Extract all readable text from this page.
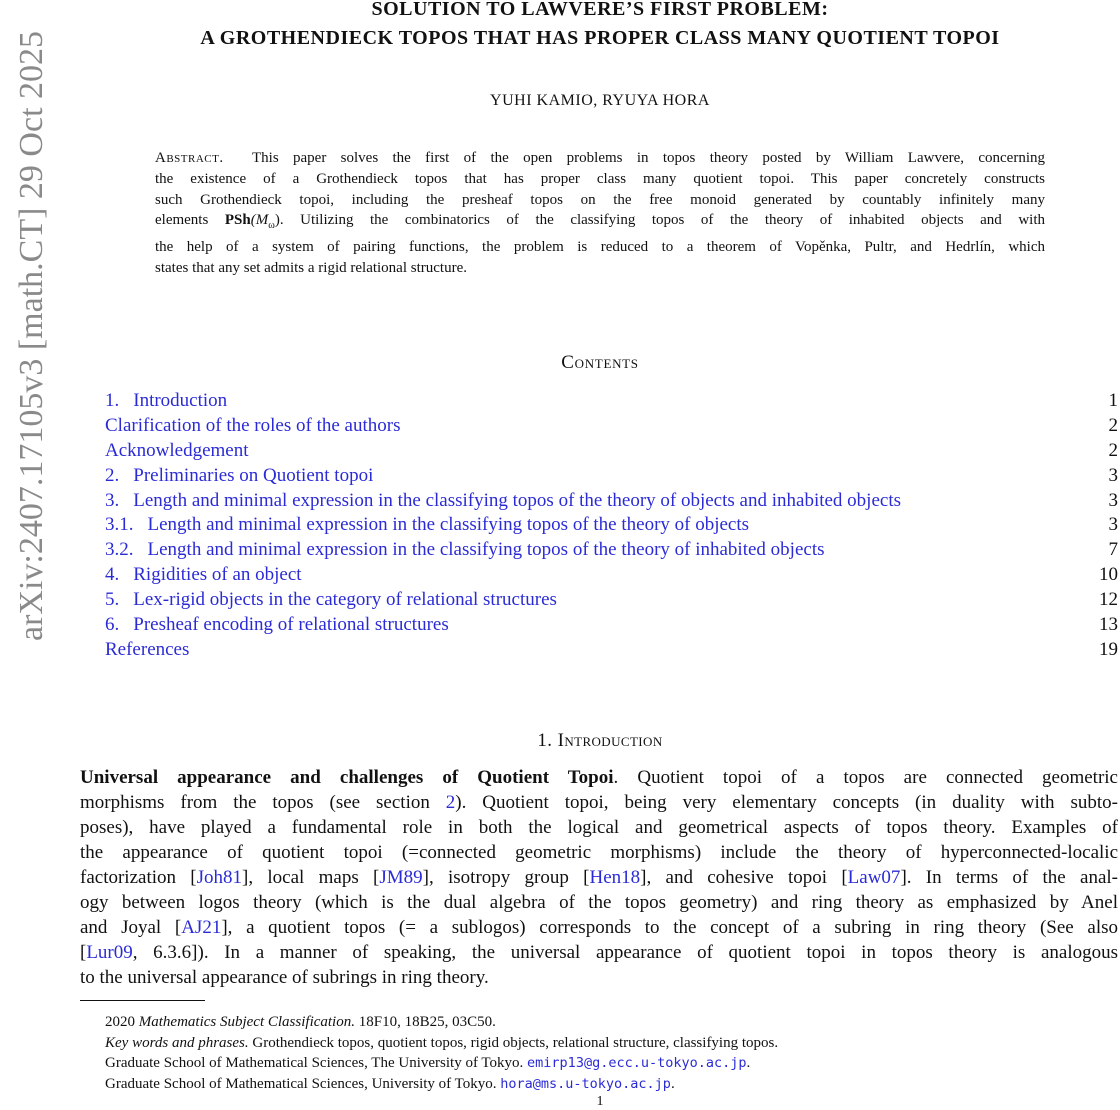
arXiv:2407.17105v3 [math.CT] 29 Oct 2025
SOLUTION TO LAWVERE’S FIRST PROBLEM:
A GROTHENDIECK TOPOS THAT HAS PROPER CLASS MANY QUOTIENT TOPOI
YUHI KAMIO, RYUYA HORA
Abstract. This paper solves the first of the open problems in topos theory posted by William Lawvere, concerning
the existence of a Grothendieck topos that has proper class many quotient topoi. This paper concretely constructs
such Grothendieck topoi, including the presheaf topos on the free monoid generated by countably infinitely many
elements $PSh(M_\omega)$. Utilizing the combinatorics of the classifying topos of the theory of inhabited objects and with
the help of a system of pairing functions, the problem is reduced to a theorem of Vopěnka, Pultr, and Hedrlín, which
states that any set admits a rigid relational structure.
Contents
1. Introduction	1
Clarification of the roles of the authors	2
Acknowledgement	2
2. Preliminaries on Quotient topoi	3
3. Length and minimal expression in the classifying topos of the theory of objects and inhabited objects	3
3.1. Length and minimal expression in the classifying topos of the theory of objects	3
3.2. Length and minimal expression in the classifying topos of the theory of inhabited objects	7
4. Rigidities of an object	10
5. Lex-rigid objects in the category of relational structures	12
6. Presheaf encoding of relational structures	13
References	19
1. Introduction
Universal appearance and challenges of Quotient Topoi. Quotient topoi of a topos are connected geometric
morphisms from the topos (see section 2). Quotient topoi, being very elementary concepts (in duality with subto-
poses), have played a fundamental role in both the logical and geometrical aspects of topos theory. Examples of
the appearance of quotient topoi (=connected geometric morphisms) include the theory of hyperconnected-localic
factorization [Joh81], local maps [JM89], isotropy group [Hen18], and cohesive topoi [Law07]. In terms of the anal-
ogy between logos theory (which is the dual algebra of the topos geometry) and ring theory as emphasized by Anel
and Joyal [AJ21], a quotient topos (= a sublogos) corresponds to the concept of a subring in ring theory (See also
[Lur09, 6.3.6]). In a manner of speaking, the universal appearance of quotient topoi in topos theory is analogous
to the universal appearance of subrings in ring theory.
2020 Mathematics Subject Classification. 18F10, 18B25, 03C50.
Key words and phrases. Grothendieck topos, quotient topos, rigid objects, relational structure, classifying topos.
Graduate School of Mathematical Sciences, The University of Tokyo. emirp13@g.ecc.u-tokyo.ac.jp.
Graduate School of Mathematical Sciences, University of Tokyo. hora@ms.u-tokyo.ac.jp.
1
